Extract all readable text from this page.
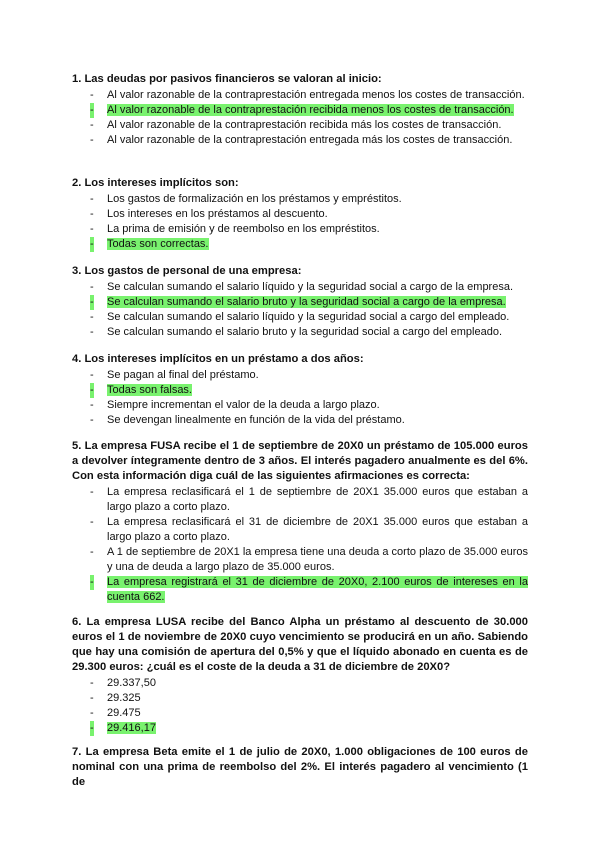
1. Las deudas por pasivos financieros se valoran al inicio:

- Al valor razonable de la contraprestación entregada menos los costes de transacción.
- Al valor razonable de la contraprestación recibida menos los costes de transacción.
- Al valor razonable de la contraprestación recibida más los costes de transacción.
- Al valor razonable de la contraprestación entregada más los costes de transacción.

2. Los intereses implícitos son:

- Los gastos de formalización en los préstamos y empréstitos.
- Los intereses en los préstamos al descuento.
- La prima de emisión y de reembolso en los empréstitos.
- Todas son correctas.

3. Los gastos de personal de una empresa:

- Se calculan sumando el salario líquido y la seguridad social a cargo de la empresa.
- Se calculan sumando el salario bruto y la seguridad social a cargo de la empresa.
- Se calculan sumando el salario líquido y la seguridad social a cargo del empleado.
- Se calculan sumando el salario bruto y la seguridad social a cargo del empleado.

4. Los intereses implícitos en un préstamo a dos años:

- Se pagan al final del préstamo.
- Todas son falsas.
- Siempre incrementan el valor de la deuda a largo plazo.
- Se devengan linealmente en función de la vida del préstamo.

5. La empresa FUSA recibe el 1 de septiembre de 20X0 un préstamo de 105.000 euros a devolver íntegramente dentro de 3 años. El interés pagadero anualmente es del 6%. Con esta información diga cuál de las siguientes afirmaciones es correcta:

- La empresa reclasificará el 1 de septiembre de 20X1 35.000 euros que estaban a largo plazo a corto plazo.
- La empresa reclasificará el 31 de diciembre de 20X1 35.000 euros que estaban a largo plazo a corto plazo.
- A 1 de septiembre de 20X1 la empresa tiene una deuda a corto plazo de 35.000 euros y una de deuda a largo plazo de 35.000 euros.
- La empresa registrará el 31 de diciembre de 20X0, 2.100 euros de intereses en la cuenta 662.

6. La empresa LUSA recibe del Banco Alpha un préstamo al descuento de 30.000 euros el 1 de noviembre de 20X0 cuyo vencimiento se producirá en un año. Sabiendo que hay una comisión de apertura del 0,5% y que el líquido abonado en cuenta es de 29.300 euros: ¿cuál es el coste de la deuda a 31 de diciembre de 20X0?

- 29.337,50
- 29.325
- 29.475
- 29.416,17

7. La empresa Beta emite el 1 de julio de 20X0, 1.000 obligaciones de 100 euros de nominal con una prima de reembolso del 2%. El interés pagadero al vencimiento (1 de
